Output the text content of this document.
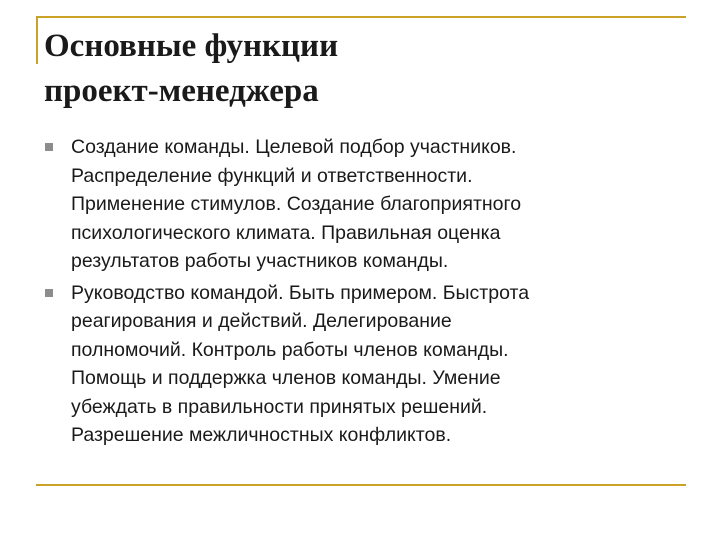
Основные функции
проект-менеджера
Создание команды. Целевой подбор участников.
Распределение функций и ответственности.
Применение стимулов. Создание благоприятного
психологического климата. Правильная оценка
результатов работы участников команды.
Руководство командой. Быть примером. Быстрота
реагирования и действий. Делегирование
полномочий. Контроль работы членов команды.
Помощь и поддержка членов команды. Умение
убеждать в правильности принятых решений.
Разрешение межличностных конфликтов.
